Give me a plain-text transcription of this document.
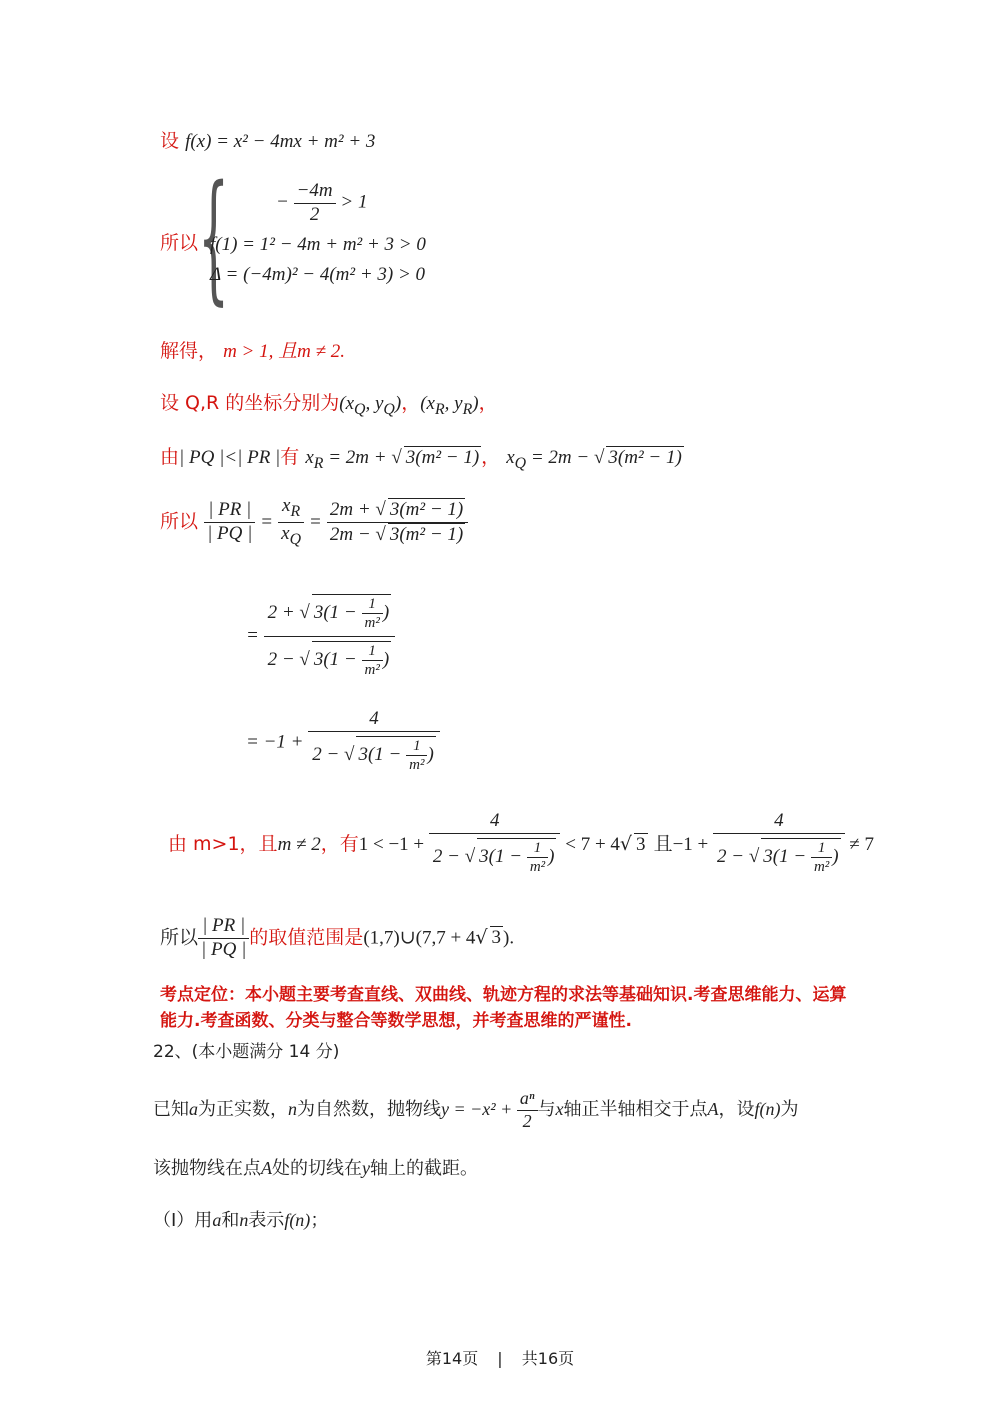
设 f(x) = x² − 4mx + m² + 3
所以 { − $\frac{-4m}{2} > 1$
f(1) = 1² − 4m + m² + 3 > 0
Δ = (−4m)² − 4(m² + 3) > 0
解得， m > 1, 且m ≠ 2.
设 Q,R 的坐标分别为($x_Q$, $y_Q$)，($x_R$, $y_R$)，
由| PQ |<| PR |有 $x_R = 2m$ + √ 3(m² − 1) ， $x_Q = 2m$ − √ 3(m² − 1)
所以 $\frac{| PR |}{| PQ |} = \frac{x_R}{x_Q} = \frac{\text{2m + √ 3(m² − 1)}}{\text{2m − √ 3(m² − 1)}}$
= $\frac{2 + √ 3(1 - \frac{1}{\text{m²}} )}{2 - √ 3(1 - \frac{1}{\text{m²}} )}$
= $-1 + \frac{4}{2 - √ 3(1 - \frac{1}{\text{m²}} )}$
由 m>1，且m ≠ 2，有$1 < -1 + \frac{4}{2 - √ 3(1 - \frac{1}{\text{m²}} )} < 7 + 4√$ 3 且$-1 + \frac{4}{2 - √ 3(1 - \frac{1}{\text{m²}} )} \ne 7$
所以 $\frac{| PR |}{| PQ |}$ 的取值范围是(1,7)∪(7,7 + 4√ 3 ).
考点定位：本小题主要考查直线、双曲线、轨迹方程的求法等基础知识.考查思维能力、运算能力.考查函数、分类与整合等数学思想，并考查思维的严谨性.
22、(本小题满分 14 分)
已知a为正实数，n为自然数，抛物线$y = -x^2 + \frac{\text{aⁿ}}{2}$ 与x轴正半轴相交于点A，设f(n)为
该抛物线在点A处的切线在y轴上的截距。
（Ⅰ）用a和n表示f(n)；
第14页 | 共16页
